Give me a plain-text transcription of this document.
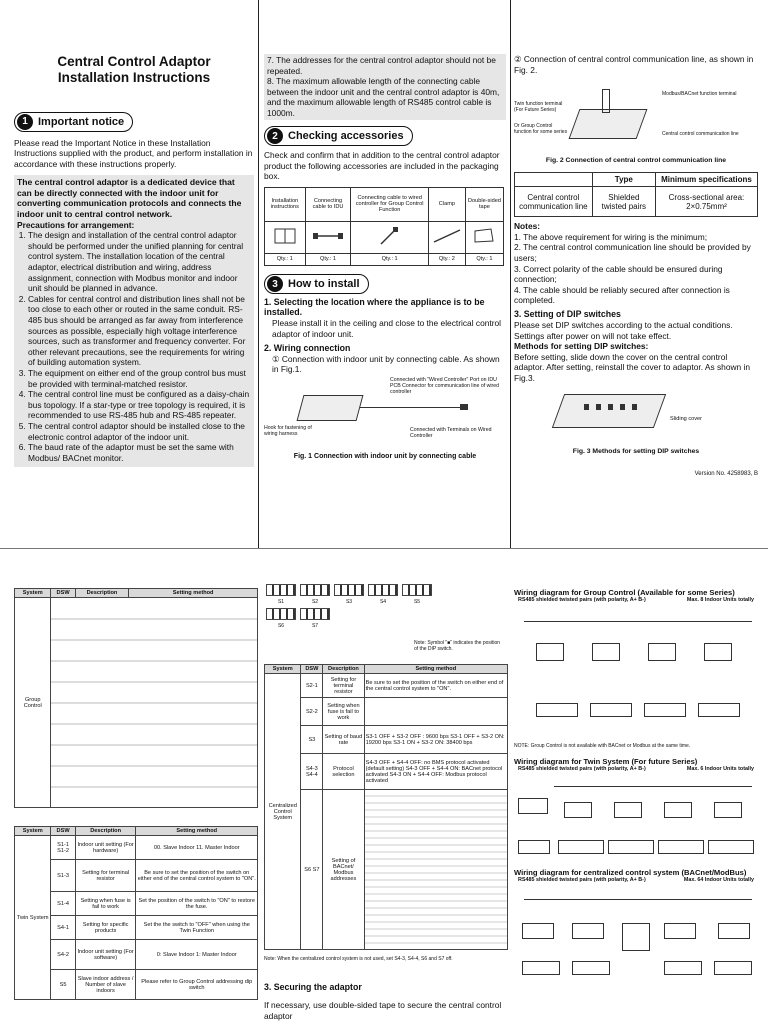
Central Control Adaptor
Installation Instructions
1 Important notice

Please read the Important Notice in these Installation Instructions supplied with the product, and perform installation in accordance with these instructions properly.

The central control adaptor is a dedicated device that can be directly connected with the indoor unit for converting communication protocols and connects the indoor unit to central control network.

Precautions for arrangement:

1. The design and installation of the central control adaptor should be performed under the unified planning for central control system. The installation location of the central adaptor, electrical distribution and wiring, address assignment, connection with Modbus monitor and indoor unit should be planned in advance.
2. Cables for central control and distribution lines shall not be too close to each other or routed in the same conduit. RS-485 bus should be arranged as far away from interference sources as possible, especially high voltage interference sources, such as transformer and frequency converter. For other relevant precautions, see the requirements for wiring of building automation system.
3. The equipment on either end of the group control bus must be provided with terminal-matched resistor.
4. The central control line must be configured as a daisy-chain bus topology. If a star-type or tree topology is required, it is recommended to use RS-485 hub and RS-485 repeater.
5. The central control adaptor should be installed close to the electronic control adaptor of the indoor unit.
6. The baud rate of the adaptor must be set the same with Modbus/ BACnet monitor.

7. The addresses for the central control adaptor should not be repeated.

8. The maximum allowable length of the connecting cable

between the indoor unit and the central control adaptor is 40m, and the maximum allowable length of RS485 control cable is 1000m.

2 Checking accessories

Check and confirm that in addition to the central control adaptor product the following accessories are included in the packaging box.

Installation instructions	Connecting cable to IDU	Connecting cable to wired controller for Group Control Function	Clamp	Double-sided tape

Qty.: 1	Qty.: 1	Qty.: 1	Qty.: 2	Qty.: 1
3 How to install
1. Selecting the location where the appliance is to be installed.

Please install it in the ceiling and close to the electrical control adaptor of indoor unit.

2. Wiring connection

① Connection with indoor unit by connecting cable. As shown in Fig.1.

Connected with "Wired Controller" Port on IDU PCB Connector for communication line of wired controller
Hook for fastening of wiring harness
Connected with Terminals on Wired Controller
Fig. 1 Connection with indoor unit by connecting cable

② Connection of central control communication line, as shown in Fig. 2.

Twin function terminal (For Future Series)
Or Group Control function for some series
Modbus/BACnet function terminal
Central control communication line
Fig. 2 Connection of central control communication line
	Type	Minimum specifications
Central control communication line	Shielded twisted pairs	Cross-sectional area: 2×0.75mm²

Notes:

1. The above requirement for wiring is the minimum;

2. The central control communication line should be provided by users;

3. Correct polarity of the cable should be ensured during connection;

4. The cable should be reliably secured after connection is completed.

3. Setting of DIP switches

Please set DIP switches according to the actual conditions. Settings after power on will not take effect.

Methods for setting DIP switches:

Before setting, slide down the cover on the central control adaptor. After setting, reinstall the cover to adaptor. As shown in Fig.3.

Sliding cover
Fig. 3 Methods for setting DIP switches
Version No. 4258983, B
System	DSW	Description	Setting method
Group Control			
System	DSW	Description	Setting method
Twin System	S1-1 S1-2	Indoor unit setting (For hardware)	00. Slave Indoor 11. Master Indoor
	S1-3	Setting for terminal resistor	Be sure to set the position of the switch on either end of the central control system to "ON".
	S1-4	Setting when fuse is fail to work	Set the position of the switch to "ON" to restore the fuse.
	S4-1	Setting for specific products	Set the the switch to "OFF" when using the Twin Function
	S4-2	Indoor unit setting (For software)	0: Slave Indoor 1: Master Indoor
	S5	Slave indoor address / Number of slave indoors	Please refer to Group Control addressing dip switch

S1	S2	S3	S4	S5

S6	S7
Note: Symbol "■" indicates the position of the DIP switch.
System	DSW	Description	Setting method
Centralized Control System	S2-1	Setting for terminal resistor	Be sure to set the position of the switch on either end of the central control system to "ON".
	S2-2	Setting when fuse is fail to work	
	S3	Setting of baud rate	S3-1 OFF + S3-2 OFF : 9600 bps S3-1 OFF + S3-2 ON: 19200 bps S3-1 ON + S3-2 ON: 38400 bps
	S4-3 S4-4	Protocol selection	S4-3 OFF + S4-4 OFF: no BMS protocol activated (default setting) S4-3 OFF + S4-4 ON: BACnet protocol activated S4-3 ON + S4-4 OFF: Modbus protocol activated
	S6 S7	Setting of BACnet/ Modbus addresses	
Note: When the centralized control system is not used, set S4-3, S4-4, S6 and S7 off.
3. Securing the adaptor

If necessary, use double-sided tape to secure the central control adaptor

Wiring diagram for Group Control (Available for some Series)
RS485 shielded twisted pairs (with polarity, A+ B-)	Max. 8 Indoor Units totally
NOTE: Group Control is not available with BACnet or Modbus at the same time.
Wiring diagram for Twin System (For future Series)
RS485 shielded twisted pairs (with polarity, A+ B-)	Max. 6 Indoor Units totally
Wiring diagram for centralized control system (BACnet/ModBus)
RS485 shielded twisted pairs (with polarity, A+ B-)	Max. 64 Indoor Units totally
